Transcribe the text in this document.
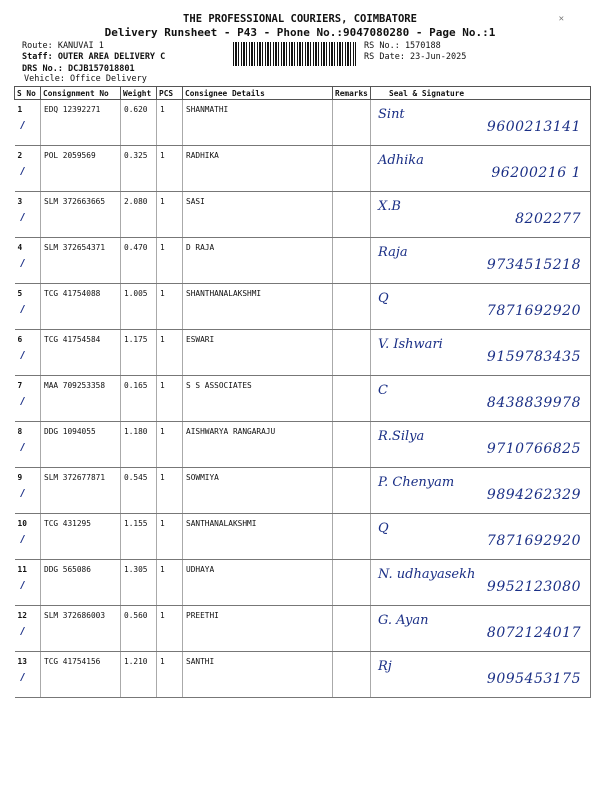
THE PROFESSIONAL COURIERS, COIMBATORE
Delivery Runsheet - P43 - Phone No.:9047080280 - Page No.:1
✕
Route: KANUVAI 1
Staff: OUTER AREA DELIVERY C
DRS No.: DCJB157018801
Vehicle: Office Delivery
RS No.: 1570188
RS Date: 23-Jun-2025
S No	Consignment No	Weight	PCS	Consignee Details	Remarks	Seal & Signature
1
/	EDQ 12392271	0.620	1	SHANMATHI		Sint
9600213141

2
/	POL 2059569	0.325	1	RADHIKA		Adhika
96200216 1

3
/	SLM 372663665	2.080	1	SASI		X.B
8202277

4
/	SLM 372654371	0.470	1	D RAJA		Raja
9734515218

5
/	TCG 41754088	1.005	1	SHANTHANALAKSHMI		Q
7871692920

6
/	TCG 41754584	1.175	1	ESWARI		V. Ishwari
9159783435

7
/	MAA 709253358	0.165	1	S S ASSOCIATES		C
8438839978

8
/	DDG 1094055	1.180	1	AISHWARYA RANGARAJU		R.Silya
9710766825

9
/	SLM 372677871	0.545	1	SOWMIYA		P. Chenyam
9894262329

10
/	TCG 431295	1.155	1	SANTHANALAKSHMI		Q
7871692920

11
/	DDG 565086	1.305	1	UDHAYA		N. udhayasekh
9952123080

12
/	SLM 372686003	0.560	1	PREETHI		G. Ayan
8072124017

13
/	TCG 41754156	1.210	1	SANTHI		Rj
9095453175
